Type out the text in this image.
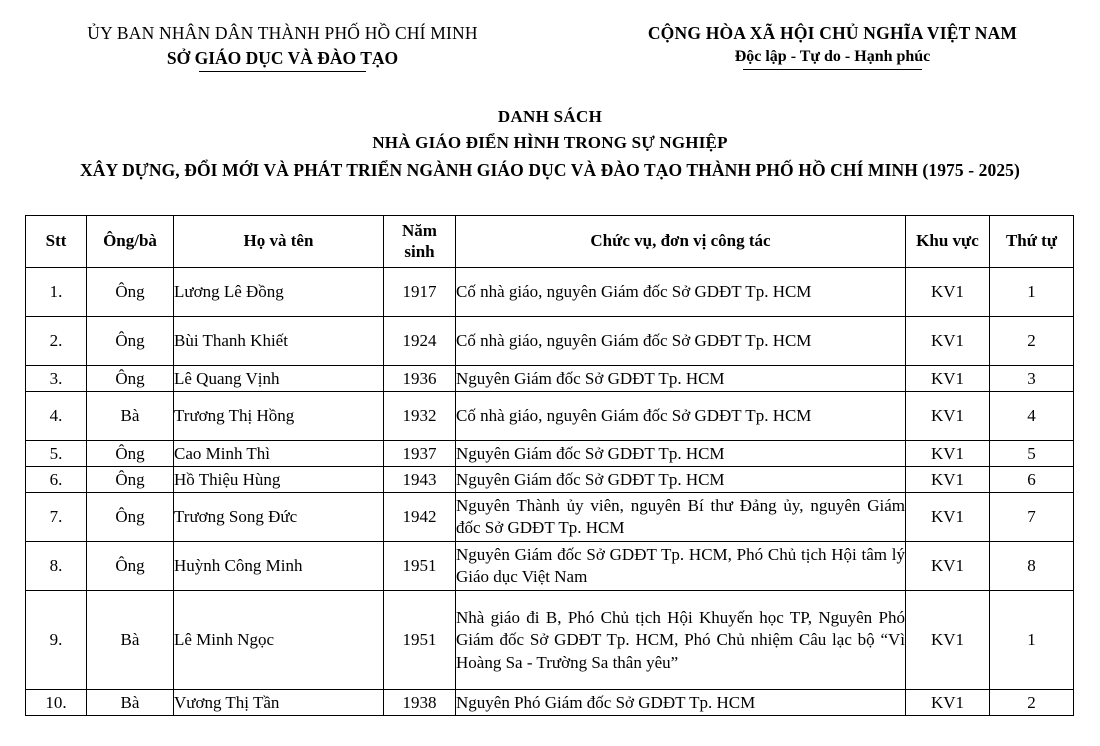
ỦY BAN NHÂN DÂN THÀNH PHỐ HỒ CHÍ MINH
SỞ GIÁO DỤC VÀ ĐÀO TẠO
CỘNG HÒA XÃ HỘI CHỦ NGHĨA VIỆT NAM
Độc lập - Tự do - Hạnh phúc
DANH SÁCH
NHÀ GIÁO ĐIỂN HÌNH TRONG SỰ NGHIỆP
XÂY DỰNG, ĐỔI MỚI VÀ PHÁT TRIỂN NGÀNH GIÁO DỤC VÀ ĐÀO TẠO THÀNH PHỐ HỒ CHÍ MINH (1975 - 2025)
Stt	Ông/bà	Họ và tên	Năm sinh	Chức vụ, đơn vị công tác	Khu vực	Thứ tự
1.	Ông	Lương Lê Đồng	1917	Cố nhà giáo, nguyên Giám đốc Sở GDĐT Tp. HCM	KV1	1
2.	Ông	Bùi Thanh Khiết	1924	Cố nhà giáo, nguyên Giám đốc Sở GDĐT Tp. HCM	KV1	2
3.	Ông	Lê Quang Vịnh	1936	Nguyên Giám đốc Sở GDĐT Tp. HCM	KV1	3
4.	Bà	Trương Thị Hồng	1932	Cố nhà giáo, nguyên Giám đốc Sở GDĐT Tp. HCM	KV1	4
5.	Ông	Cao Minh Thì	1937	Nguyên Giám đốc Sở GDĐT Tp. HCM	KV1	5
6.	Ông	Hồ Thiệu Hùng	1943	Nguyên Giám đốc Sở GDĐT Tp. HCM	KV1	6
7.	Ông	Trương Song Đức	1942	Nguyên Thành ủy viên, nguyên Bí thư Đảng ủy, nguyên Giám đốc Sở GDĐT Tp. HCM	KV1	7
8.	Ông	Huỳnh Công Minh	1951	Nguyên Giám đốc Sở GDĐT Tp. HCM, Phó Chủ tịch Hội tâm lý Giáo dục Việt Nam	KV1	8
9.	Bà	Lê Minh Ngọc	1951	Nhà giáo đi B, Phó Chủ tịch Hội Khuyến học TP, Nguyên Phó Giám đốc Sở GDĐT Tp. HCM, Phó Chủ nhiệm Câu lạc bộ “Vì Hoàng Sa - Trường Sa thân yêu”	KV1	1
10.	Bà	Vương Thị Tần	1938	Nguyên Phó Giám đốc Sở GDĐT Tp. HCM	KV1	2
